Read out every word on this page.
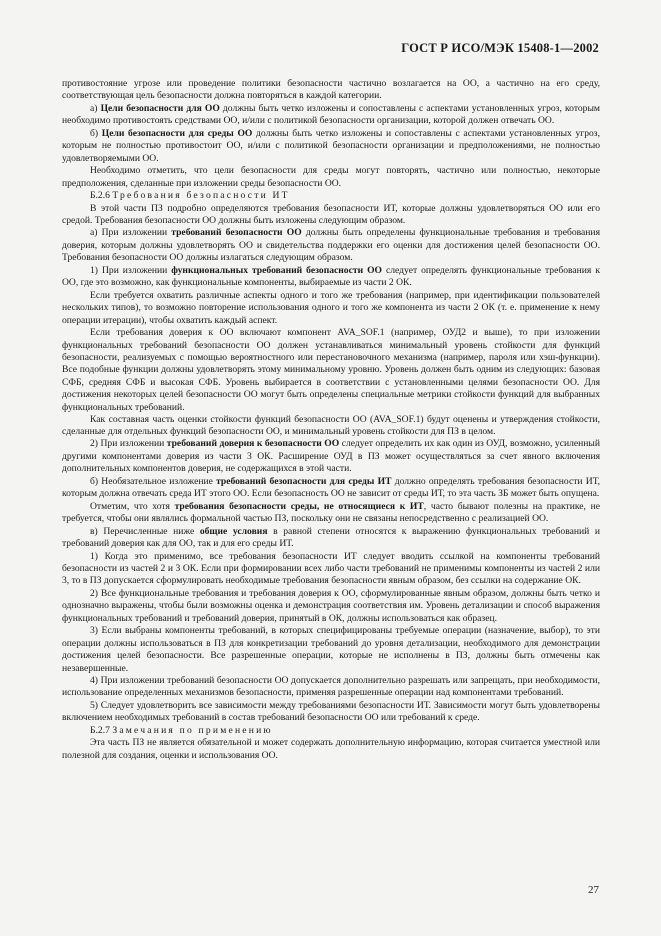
ГОСТ Р ИСО/МЭК 15408-1—2002

противостояние угрозе или проведение политики безопасности частично возлагается на ОО, а частично на его среду, соответствующая цель безопасности должна повторяться в каждой категории.

а) Цели безопасности для ОО должны быть четко изложены и сопоставлены с аспектами установленных угроз, которым необходимо противостоять средствами ОО, и/или с политикой безопасности организации, которой должен отвечать ОО.

б) Цели безопасности для среды ОО должны быть четко изложены и сопоставлены с аспектами установленных угроз, которым не полностью противостоит ОО, и/или с политикой безопасности организации и предположениями, не полностью удовлетворяемыми ОО.

Необходимо отметить, что цели безопасности для среды могут повторять, частично или полностью, некоторые предположения, сделанные при изложении среды безопасности ОО.

Б.2.6 Требования безопасности ИТ

В этой части ПЗ подробно определяются требования безопасности ИТ, которые должны удовлетворяться ОО или его средой. Требования безопасности ОО должны быть изложены следующим образом.

а) При изложении требований безопасности ОО должны быть определены функциональные требования и требования доверия, которым должны удовлетворять ОО и свидетельства поддержки его оценки для достижения целей безопасности ОО. Требования безопасности ОО должны излагаться следующим образом.

1) При изложении функциональных требований безопасности ОО следует определять функциональные требования к ОО, где это возможно, как функциональные компоненты, выбираемые из части 2 ОК.

Если требуется охватить различные аспекты одного и того же требования (например, при идентификации пользователей нескольких типов), то возможно повторение использования одного и того же компонента из части 2 ОК (т. е. применение к нему операции итерации), чтобы охватить каждый аспект.

Если требования доверия к ОО включают компонент AVA_SOF.1 (например, ОУД2 и выше), то при изложении функциональных требований безопасности ОО должен устанавливаться минимальный уровень стойкости для функций безопасности, реализуемых с помощью вероятностного или перестановочного механизма (например, пароля или хэш-функции). Все подобные функции должны удовлетворять этому минимальному уровню. Уровень должен быть одним из следующих: базовая СФБ, средняя СФБ и высокая СФБ. Уровень выбирается в соответствии с установленными целями безопасности ОО. Для достижения некоторых целей безопасности ОО могут быть определены специальные метрики стойкости функций для выбранных функциональных требований.

Как составная часть оценки стойкости функций безопасности ОО (AVA_SOF.1) будут оценены и утверждения стойкости, сделанные для отдельных функций безопасности ОО, и минимальный уровень стойкости для ПЗ в целом.

2) При изложении требований доверия к безопасности ОО следует определить их как один из ОУД, возможно, усиленный другими компонентами доверия из части 3 ОК. Расширение ОУД в ПЗ может осуществляться за счет явного включения дополнительных компонентов доверия, не содержащихся в этой части.

б) Необязательное изложение требований безопасности для среды ИТ должно определять требования безопасности ИТ, которым должна отвечать среда ИТ этого ОО. Если безопасность ОО не зависит от среды ИТ, то эта часть ЗБ может быть опущена.

Отметим, что хотя требования безопасности среды, не относящиеся к ИТ, часто бывают полезны на практике, не требуется, чтобы они являлись формальной частью ПЗ, поскольку они не связаны непосредственно с реализацией ОО.

в) Перечисленные ниже общие условия в равной степени относятся к выражению функциональных требований и требований доверия как для ОО, так и для его среды ИТ.

1) Когда это применимо, все требования безопасности ИТ следует вводить ссылкой на компоненты требований безопасности из частей 2 и 3 ОК. Если при формировании всех либо части требований не применимы компоненты из частей 2 или 3, то в ПЗ допускается сформулировать необходимые требования безопасности явным образом, без ссылки на содержание ОК.

2) Все функциональные требования и требования доверия к ОО, сформулированные явным образом, должны быть четко и однозначно выражены, чтобы были возможны оценка и демонстрация соответствия им. Уровень детализации и способ выражения функциональных требований и требований доверия, принятый в ОК, должны использоваться как образец.

3) Если выбраны компоненты требований, в которых специфицированы требуемые операции (назначение, выбор), то эти операции должны использоваться в ПЗ для конкретизации требований до уровня детализации, необходимого для демонстрации достижения целей безопасности. Все разрешенные операции, которые не исполнены в ПЗ, должны быть отмечены как незавершенные.

4) При изложении требований безопасности ОО допускается дополнительно разрешать или запрещать, при необходимости, использование определенных механизмов безопасности, применяя разрешенные операции над компонентами требований.

5) Следует удовлетворить все зависимости между требованиями безопасности ИТ. Зависимости могут быть удовлетворены включением необходимых требований в состав требований безопасности ОО или требований к среде.

Б.2.7 Замечания по применению

Эта часть ПЗ не является обязательной и может содержать дополнительную информацию, которая считается уместной или полезной для создания, оценки и использования ОО.

27
